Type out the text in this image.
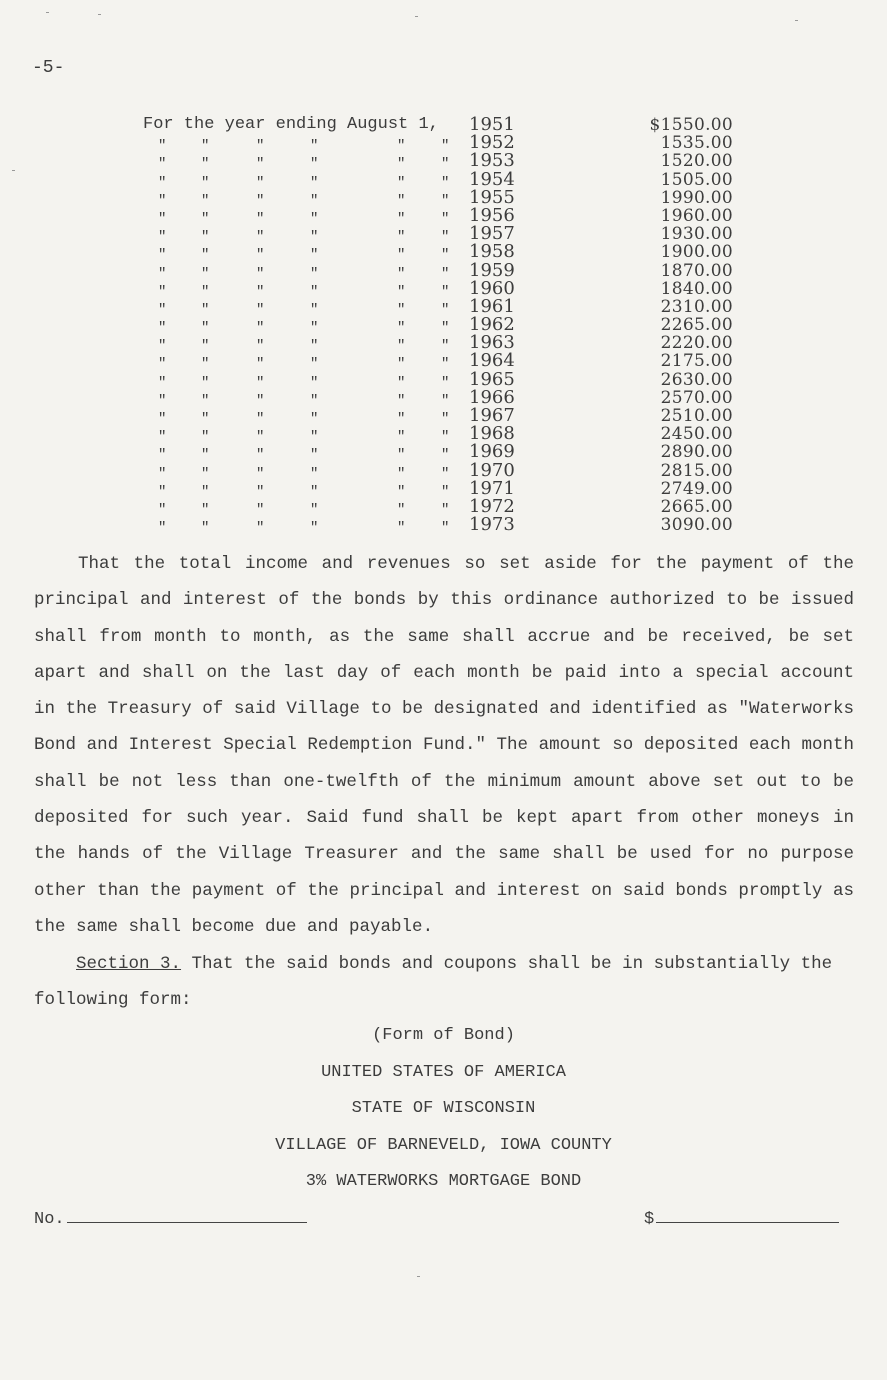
-5-
For the year ending August 1, 1951	$1550.00
" "	"	"	"	" 1952	1535.00
" "	"	"	"	" 1953	1520.00
" "	"	"	"	" 1954	1505.00
" "	"	"	"	" 1955	1990.00
" "	"	"	"	" 1956	1960.00
" "	"	"	"	" 1957	1930.00
" "	"	"	"	" 1958	1900.00
" "	"	"	"	" 1959	1870.00
" "	"	"	"	" 1960	1840.00
" "	"	"	"	" 1961	2310.00
" "	"	"	"	" 1962	2265.00
" "	"	"	"	" 1963	2220.00
" "	"	"	"	" 1964	2175.00
" "	"	"	"	" 1965	2630.00
" "	"	"	"	" 1966	2570.00
" "	"	"	"	" 1967	2510.00
" "	"	"	"	" 1968	2450.00
" "	"	"	"	" 1969	2890.00
" "	"	"	"	" 1970	2815.00
" "	"	"	"	" 1971	2749.00
" "	"	"	"	" 1972	2665.00
" "	"	"	"	" 1973	3090.00
That the total income and revenues so set aside for the payment of the principal and interest of the bonds by this ordinance authorized to be issued shall from month to month, as the same shall accrue and be received, be set apart and shall on the last day of each month be paid into a special account in the Treasury of said Village to be designated and identified as "Waterworks Bond and Interest Special Redemption Fund." The amount so deposited each month shall be not less than one-twelfth of the minimum amount above set out to be deposited for such year. Said fund shall be kept apart from other moneys in the hands of the Village Treasurer and the same shall be used for no purpose other than the payment of the principal and interest on said bonds promptly as the same shall become due and payable.
Section 3. That the said bonds and coupons shall be in substantially the following form:
(Form of Bond)
UNITED STATES OF AMERICA
STATE OF WISCONSIN
VILLAGE OF BARNEVELD, IOWA COUNTY
3% WATERWORKS MORTGAGE BOND
No.	$
